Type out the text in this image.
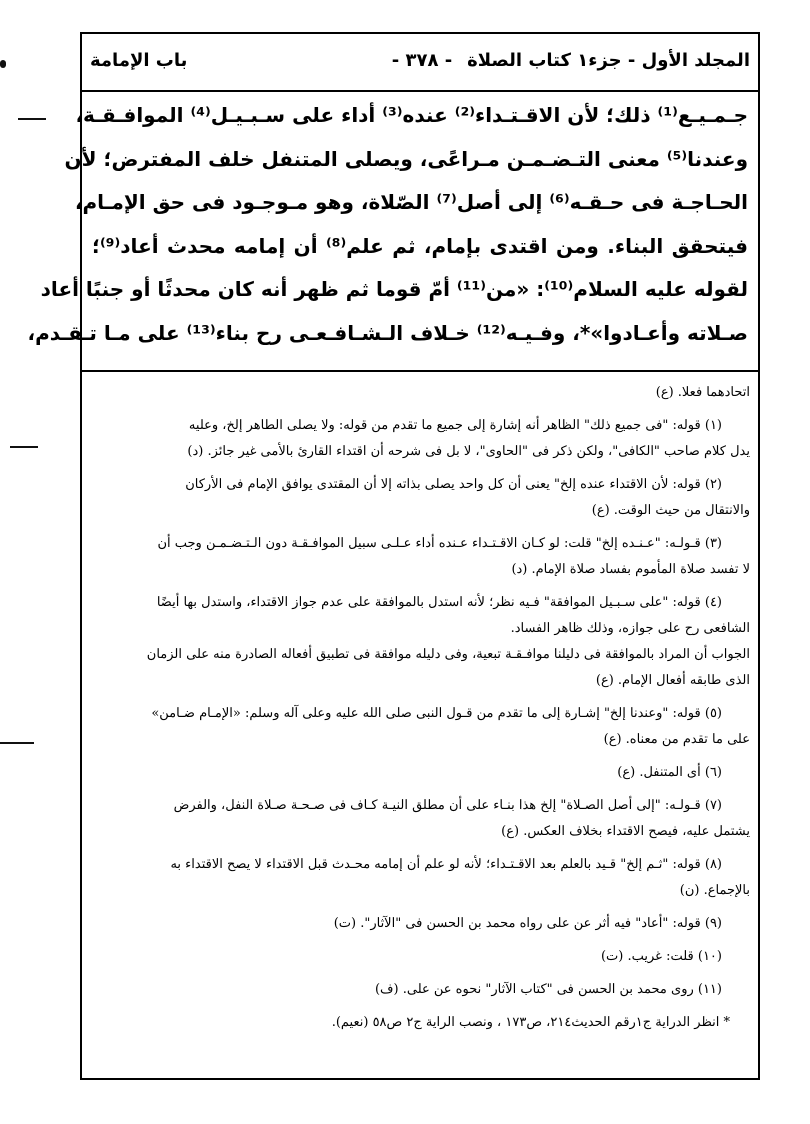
المجلد الأول - جزء١ كتاب الصلاة
- ٣٧٨ -
باب الإمامة

جـمـيـع⁽¹⁾ ذلك؛ لأن الاقـتـداء⁽²⁾ عنده⁽³⁾ أداء على سـبـيـل⁽⁴⁾ الموافـقـة،

وعندنا⁽⁵⁾ معنى التـضـمـن مـراعًى، ويصلى المتنفل خلف المفترض؛ لأن

الحـاجـة فى حـقـه⁽⁶⁾ إلى أصل⁽⁷⁾ الصّلاة، وهو مـوجـود فى حق الإمـام،

فيتحقق البناء. ومن اقتدى بإمام، ثم علم⁽⁸⁾ أن إمامه محدث أعاد⁽⁹⁾؛

لقوله عليه السلام⁽¹⁰⁾: «من⁽¹¹⁾ أمّ قوما ثم ظهر أنه كان محدثًا أو جنبًا أعاد

صـلاته وأعـادوا»*، وفـيـه⁽¹²⁾ خـلاف الـشـافـعـى رح بناء⁽¹³⁾ على مـا تـقـدم،

اتحادهما فعلا. (ع)

(١) قوله: "فى جميع ذلك" الظاهر أنه إشارة إلى جميع ما تقدم من قوله: ولا يصلى الطاهر إلخ، وعليه

يدل كلام صاحب "الكافى"، ولكن ذكر فى "الحاوى"، لا بل فى شرحه أن اقتداء القارئ بالأمى غير جائز. (د)

(٢) قوله: لأن الاقتداء عنده إلخ" يعنى أن كل واحد يصلى بذاته إلا أن المقتدى يوافق الإمام فى الأركان

والانتقال من حيث الوقت. (ع)

(٣) قـولـه: "عـنـده إلخ" قلت: لو كـان الاقـتـداء عـنده أداء عـلـى سبيل الموافـقـة دون الـتـضـمـن وجب أن

لا تفسد صلاة المأموم بفساد صلاة الإمام. (د)

(٤) قوله: "على سـبـيل الموافقة" فـيه نظر؛ لأنه استدل بالموافقة على عدم جواز الاقتداء، واستدل بها أيضًا

الشافعى رح على جوازه، وذلك ظاهر الفساد.

الجواب أن المراد بالموافقة فى دليلنا موافـقـة تبعية، وفى دليله موافقة فى تطبيق أفعاله الصادرة منه على الزمان

الذى طابقه أفعال الإمام. (ع)

(٥) قوله: "وعندنا إلخ" إشـارة إلى ما تقدم من قـول النبى صلى الله عليه وعلى آله وسلم: «الإمـام ضـامن»

على ما تقدم من معناه. (ع)

(٦) أى المتنفل. (ع)

(٧) قـولـه: "إلى أصل الصـلاة" إلخ هذا بنـاء على أن مطلق النيـة كـاف فى صـحـة صـلاة النفل، والفرض

يشتمل عليه، فيصح الاقتداء بخلاف العكس. (ع)

(٨) قوله: "ثـم إلخ" قـيد بالعلم بعد الاقـتـداء؛ لأنه لو علم أن إمامه محـدث قبل الاقتداء لا يصح الاقتداء به

بالإجماع. (ن)

(٩) قوله: "أعاد" فيه أثر عن على رواه محمد بن الحسن فى "الآثار". (ت)

(١٠) قلت: غريب. (ت)

(١١) روى محمد بن الحسن فى "كتاب الآثار" نحوه عن على. (ف)

* انظر الدراية ج١رقم الحديث٢١٤، ص١٧٣ ، ونصب الراية ج٢ ص٥٨ (نعيم).
